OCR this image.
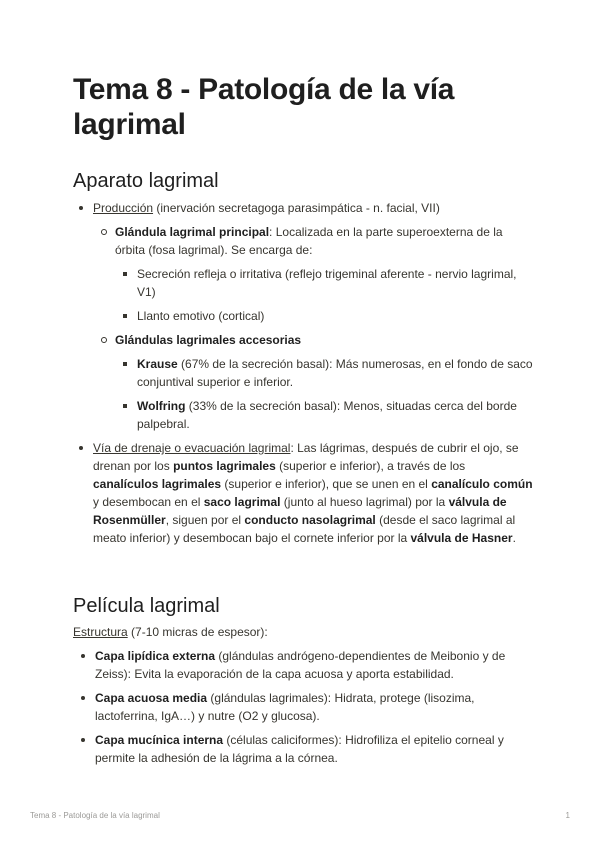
Tema 8 - Patología de la vía lagrimal
Aparato lagrimal
Producción (inervación secretagoga parasimpática - n. facial, VII)
Glándula lagrimal principal: Localizada en la parte superoexterna de la órbita (fosa lagrimal). Se encarga de:
Secreción refleja o irritativa (reflejo trigeminal aferente - nervio lagrimal, V1)
Llanto emotivo (cortical)
Glándulas lagrimales accesorias
Krause (67% de la secreción basal): Más numerosas, en el fondo de saco conjuntival superior e inferior.
Wolfring (33% de la secreción basal): Menos, situadas cerca del borde palpebral.
Vía de drenaje o evacuación lagrimal: Las lágrimas, después de cubrir el ojo, se drenan por los puntos lagrimales (superior e inferior), a través de los canalículos lagrimales (superior e inferior), que se unen en el canalículo común y desembocan en el saco lagrimal (junto al hueso lagrimal) por la válvula de Rosenmüller, siguen por el conducto nasolagrimal (desde el saco lagrimal al meato inferior) y desembocan bajo el cornete inferior por la válvula de Hasner.
Película lagrimal
Estructura (7-10 micras de espesor):
Capa lipídica externa (glándulas andrógeno-dependientes de Meibonio y de Zeiss): Evita la evaporación de la capa acuosa y aporta estabilidad.
Capa acuosa media (glándulas lagrimales): Hidrata, protege (lisozima, lactoferrina, IgA…) y nutre (O2 y glucosa).
Capa mucínica interna (células caliciformes): Hidrofiliza el epitelio corneal y permite la adhesión de la lágrima a la córnea.
Tema 8 - Patología de la vía lagrimal	1
